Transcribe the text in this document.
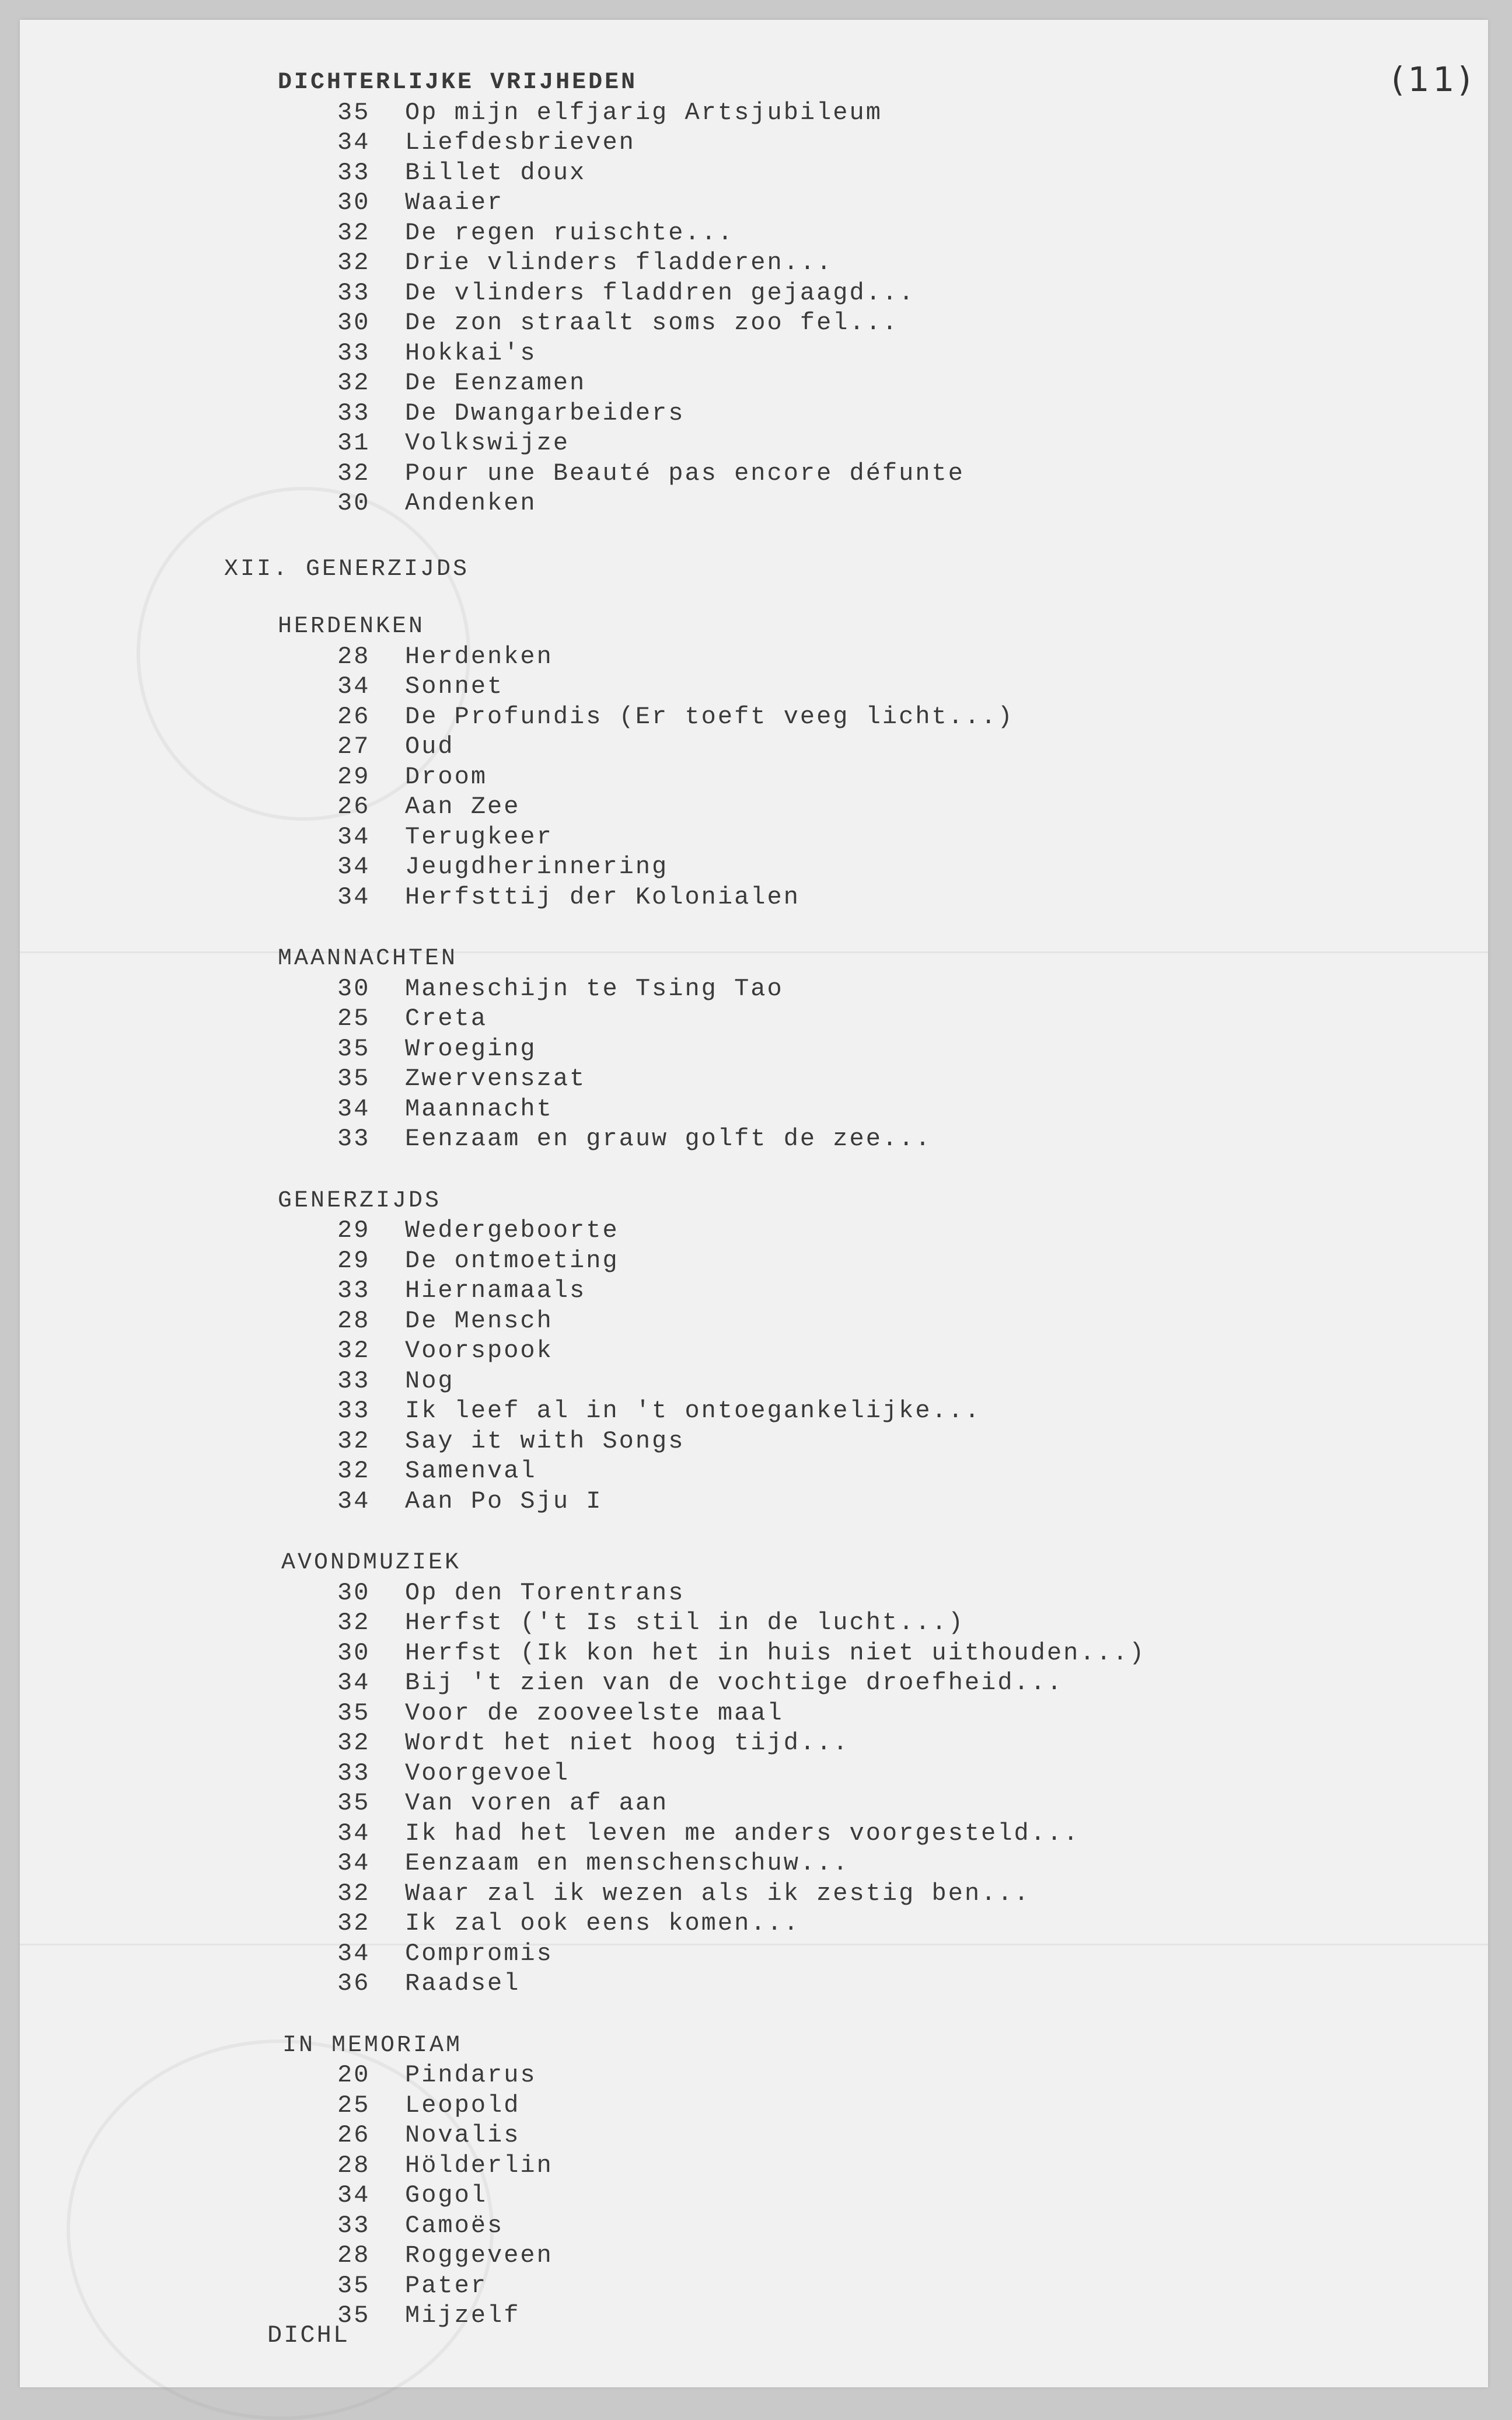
(11)
DICHTERLIJKE VRIJHEDEN
35 Op mijn elfjarig Artsjubileum
34 Liefdesbrieven
33 Billet doux
30 Waaier
32 De regen ruischte...
32 Drie vlinders fladderen...
33 De vlinders fladdren gejaagd...
30 De zon straalt soms zoo fel...
33 Hokkai's
32 De Eenzamen
33 De Dwangarbeiders
31 Volkswijze
32 Pour une Beauté pas encore défunte
30 Andenken
XII. GENERZIJDS
HERDENKEN
28 Herdenken
34 Sonnet
26 De Profundis (Er toeft veeg licht...)
27 Oud
29 Droom
26 Aan Zee
34 Terugkeer
34 Jeugdherinnering
34 Herfsttij der Kolonialen
MAANNACHTEN
30 Maneschijn te Tsing Tao
25 Creta
35 Wroeging
35 Zwervenszat
34 Maannacht
33 Eenzaam en grauw golft de zee...
GENERZIJDS
29 Wedergeboorte
29 De ontmoeting
33 Hiernamaals
28 De Mensch
32 Voorspook
33 Nog
33 Ik leef al in 't ontoegankelijke...
32 Say it with Songs
32 Samenval
34 Aan Po Sju I
AVONDMUZIEK
30 Op den Torentrans
32 Herfst ('t Is stil in de lucht...)
30 Herfst (Ik kon het in huis niet uithouden...)
34 Bij 't zien van de vochtige droefheid...
35 Voor de zooveelste maal
32 Wordt het niet hoog tijd...
33 Voorgevoel
35 Van voren af aan
34 Ik had het leven me anders voorgesteld...
34 Eenzaam en menschenschuw...
32 Waar zal ik wezen als ik zestig ben...
32 Ik zal ook eens komen...
34 Compromis
36 Raadsel
IN MEMORIAM
20 Pindarus
25 Leopold
26 Novalis
28 Hölderlin
34 Gogol
33 Camoës
28 Roggeveen
35 Pater
35 Mijzelf
DICHL
